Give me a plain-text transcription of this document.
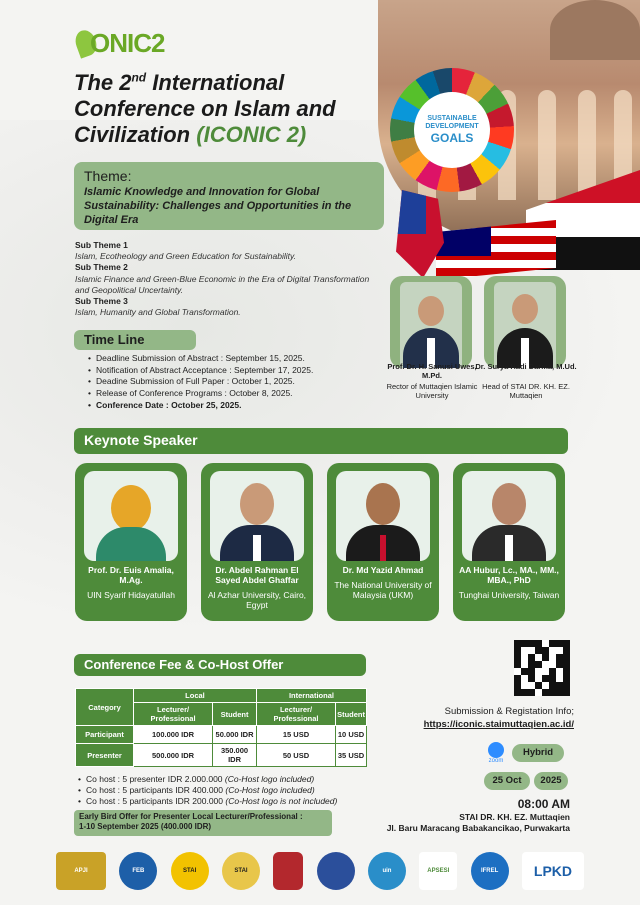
SUSTAINABLE
DEVELOPMENT
GOALS
ONIC2
The 2nd International
Conference on Islam and
Civilization (ICONIC 2)
Theme:
Islamic Knowledge and Innovation for Global Sustainability: Challenges and Opportunities in the Digital Era
Sub Theme 1
Islam, Ecotheology and Green Education for Sustainability.
Sub Theme 2
Islamic Finance and Green-Blue Economic in the Era of Digital Transformation and Geopolitical Uncertainty.
Sub Theme 3
Islam, Humanity and Global Transformation.
Time Line
• Deadline Submission of Abstract : September 15, 2025.
• Notification of Abstract Acceptance : September 17, 2025.
• Deadine Submission of Full Paper : October 1, 2025.
• Release of Conference Programs : October 8, 2025.
• Conference Date : October 25, 2025.
Prof. Dr. H. Sanusi Uwes, M.Pd.
Rector of Muttaqien Islamic University
Dr. Surya Hadi Darma, M.Ud.
Head of STAI DR. KH. EZ. Muttaqien
Keynote Speaker
Prof. Dr. Euis Amalia, M.Ag.
UIN Syarif Hidayatullah
Dr. Abdel Rahman El Sayed Abdel Ghaffar
Al Azhar University, Cairo, Egypt
Dr. Md Yazid Ahmad
The National University of Malaysia (UKM)
AA Hubur, Lc., MA., MM., MBA., PhD
Tunghai University, Taiwan
Conference Fee & Co-Host Offer
Category	Local		International	
	Lecturer/ Professional	Student	Lecturer/ Professional	Student
Participant	100.000 IDR	50.000 IDR	15 USD	10 USD
Presenter	500.000 IDR	350.000 IDR	50 USD	35 USD
• Co host : 5 presenter IDR 2.000.000 (Co-Host logo included)
• Co host : 5 participants IDR 400.000 (Co-Host logo included)
• Co host : 5 participants IDR 200.000 (Co-Host logo is not included)
Early Bird Offer for Presenter Local Lecturer/Professional :
1-10 September 2025 (400.000 IDR)
Submission & Registation Info;
https://iconic.staimuttaqien.ac.id/
zoom
Hybrid
25 Oct	2025
08:00 AM
STAI DR. KH. EZ. Muttaqien
Jl. Baru Maracang Babakancikao, Purwakarta
APJI	FEB	STAI	STAI	uin	APSESI	IFREL	LPKD
